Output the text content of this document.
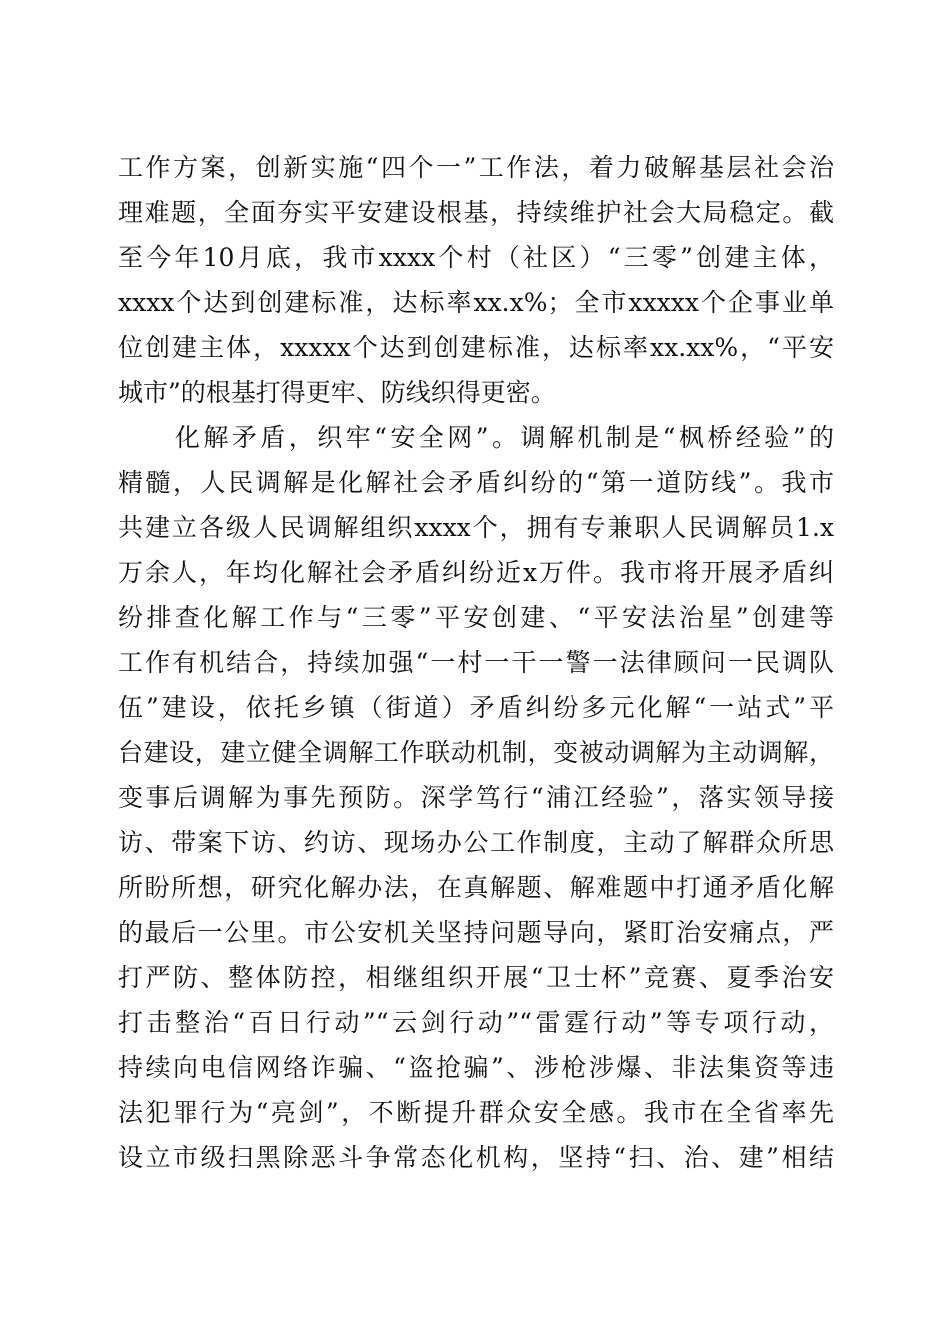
工作方案，创新实施“四个一”工作法，着力破解基层社会治
理难题，全面夯实平安建设根基，持续维护社会大局稳定。截
至今年10月底，我市xxxx个村（社区）“三零”创建主体，
xxxx个达到创建标准，达标率xx.x%；全市xxxxx个企事业单
位创建主体，xxxxx个达到创建标准，达标率xx.xx%，“平安
城市”的根基打得更牢、防线织得更密。
　　化解矛盾，织牢“安全网”。调解机制是“枫桥经验”的
精髓，人民调解是化解社会矛盾纠纷的“第一道防线”。我市
共建立各级人民调解组织xxxx个，拥有专兼职人民调解员1.x
万余人，年均化解社会矛盾纠纷近x万件。我市将开展矛盾纠
纷排查化解工作与“三零”平安创建、“平安法治星”创建等
工作有机结合，持续加强“一村一干一警一法律顾问一民调队
伍”建设，依托乡镇（街道）矛盾纠纷多元化解“一站式”平
台建设，建立健全调解工作联动机制，变被动调解为主动调解，
变事后调解为事先预防。深学笃行“浦江经验”，落实领导接
访、带案下访、约访、现场办公工作制度，主动了解群众所思
所盼所想，研究化解办法，在真解题、解难题中打通矛盾化解
的最后一公里。市公安机关坚持问题导向，紧盯治安痛点，严
打严防、整体防控，相继组织开展“卫士杯”竞赛、夏季治安
打击整治“百日行动”“云剑行动”“雷霆行动”等专项行动，
持续向电信网络诈骗、“盗抢骗”、涉枪涉爆、非法集资等违
法犯罪行为“亮剑”，不断提升群众安全感。我市在全省率先
设立市级扫黑除恶斗争常态化机构，坚持“扫、治、建”相结
